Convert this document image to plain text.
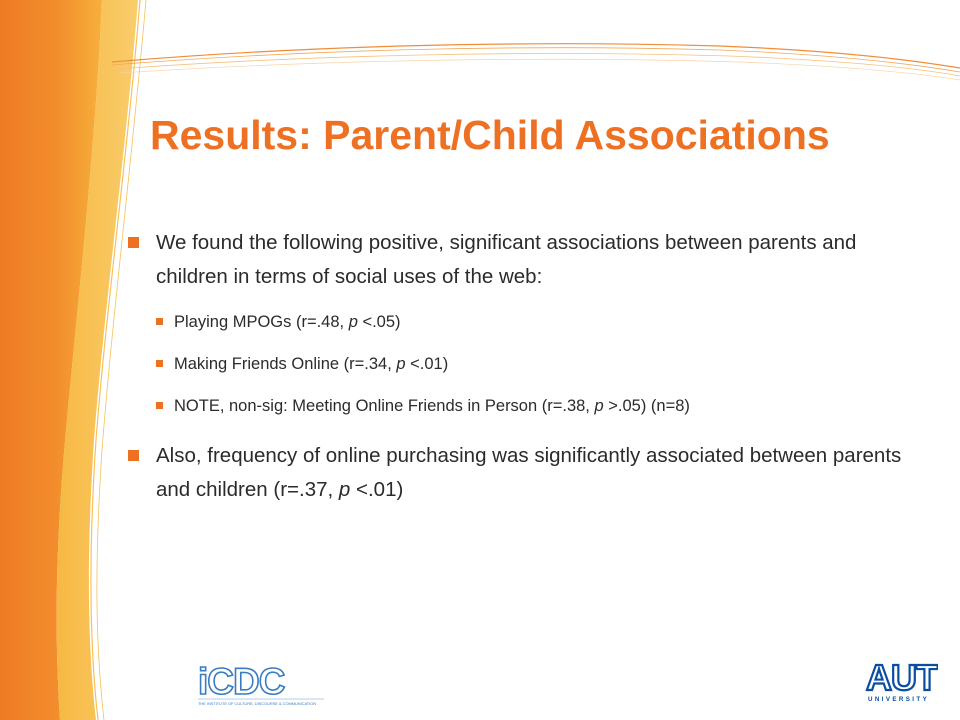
Results: Parent/Child Associations
We found the following positive, significant associations between parents and children in terms of social uses of the web:
Playing MPOGs (r=.48, p <.05)
Making Friends Online (r=.34, p <.01)
NOTE, non-sig: Meeting Online Friends in Person (r=.38, p >.05) (n=8)
Also, frequency of online purchasing was significantly associated between parents and children (r=.37, p <.01)
iCDC
THE INSTITUTE OF CULTURE, DISCOURSE & COMMUNICATION
AUT
UNIVERSITY
